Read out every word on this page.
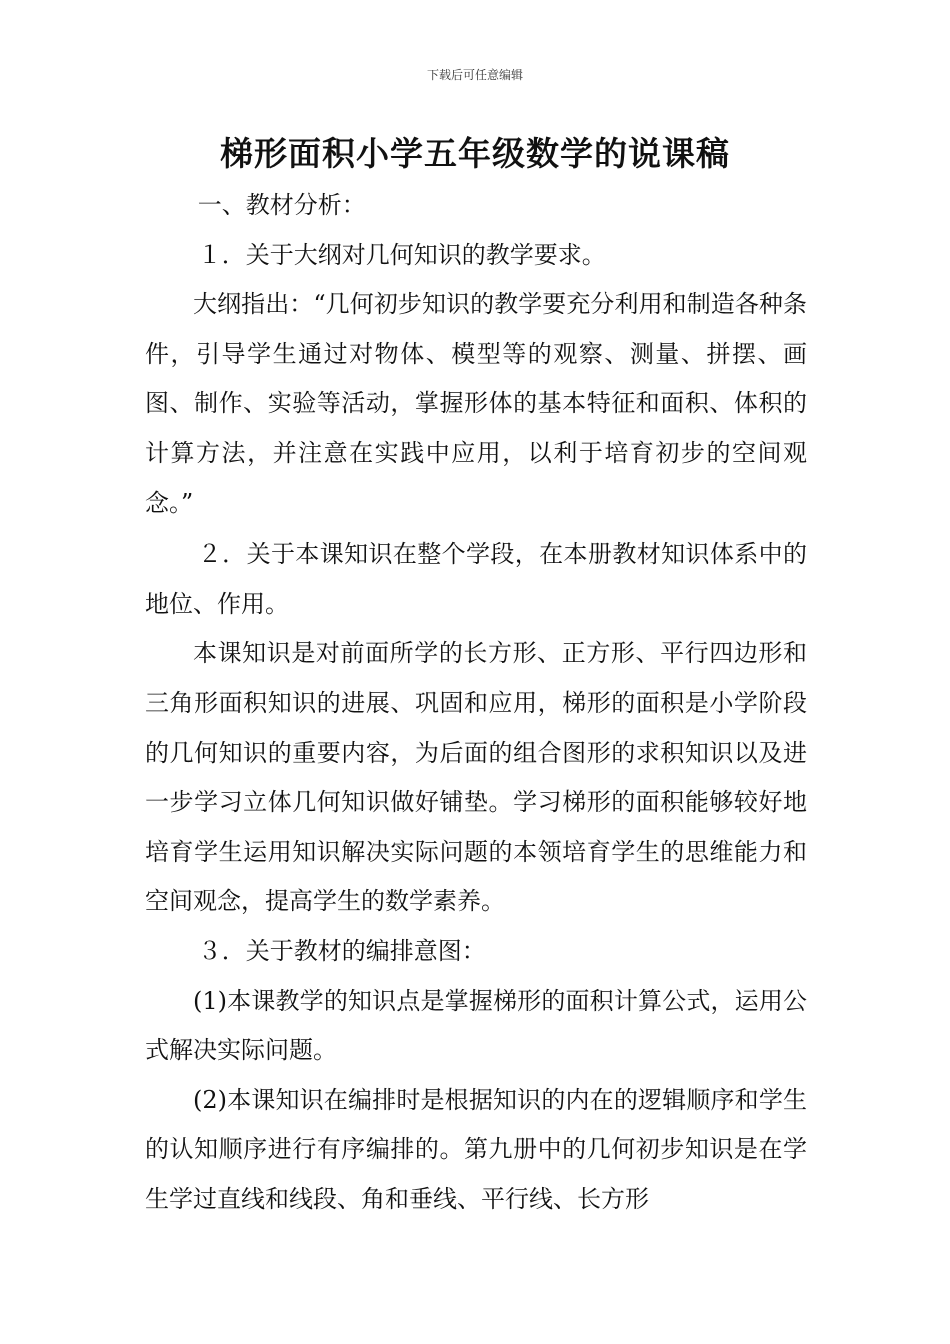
下载后可任意编辑
梯形面积小学五年级数学的说课稿

一、教材分析：

１．关于大纲对几何知识的教学要求。

大纲指出：“几何初步知识的教学要充分利用和制造各种条件，引导学生通过对物体、模型等的观察、测量、拼摆、画图、制作、实验等活动，掌握形体的基本特征和面积、体积的计算方法，并注意在实践中应用，以利于培育初步的空间观念。”

２．关于本课知识在整个学段，在本册教材知识体系中的地位、作用。

本课知识是对前面所学的长方形、正方形、平行四边形和三角形面积知识的进展、巩固和应用，梯形的面积是小学阶段的几何知识的重要内容，为后面的组合图形的求积知识以及进一步学习立体几何知识做好铺垫。学习梯形的面积能够较好地培育学生运用知识解决实际问题的本领培育学生的思维能力和空间观念，提高学生的数学素养。

３．关于教材的编排意图：

(1)本课教学的知识点是掌握梯形的面积计算公式，运用公式解决实际问题。

(2)本课知识在编排时是根据知识的内在的逻辑顺序和学生的认知顺序进行有序编排的。第九册中的几何初步知识是在学生学过直线和线段、角和垂线、平行线、长方形
